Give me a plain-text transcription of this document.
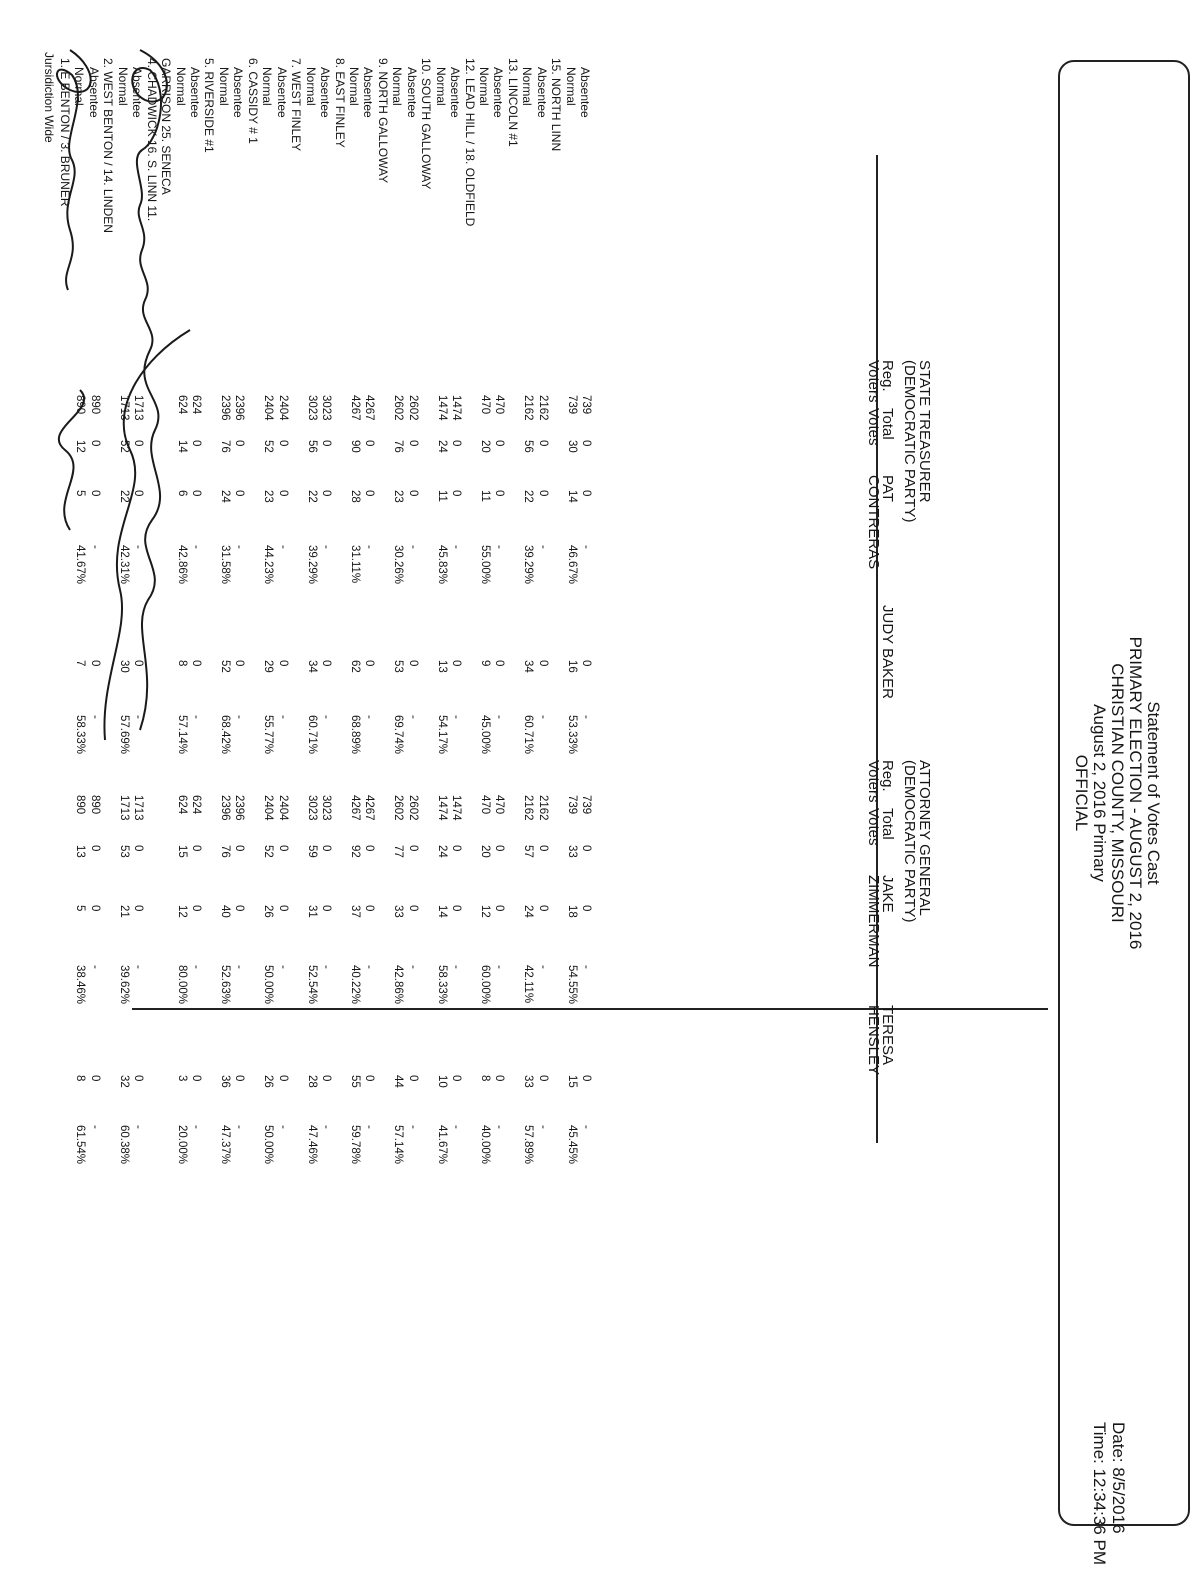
Statement of Votes Cast
PRIMARY ELECTION - AUGUST 2, 2016
CHRISTIAN COUNTY, MISSOURI
August 2, 2016 Primary
OFFICIAL
Date: 8/5/2016
Time: 12:34:36 PM
Jursidiction Wide 1. E BENTON / 3. BRUNER Normal Absentee 2. WEST BENTON / 14. LINDEN Normal Absentee 4. CHADWICK 16. S. LINN 11. GARRISON 25. SENECA Normal Absentee 5. RIVERSIDE #1 Normal Absentee 6. CASSIDY # 1 Normal Absentee 7. WEST FINLEY Normal Absentee 8. EAST FINLEY Normal Absentee 9. NORTH GALLOWAY Normal Absentee 10. SOUTH GALLOWAY Normal Absentee 12. LEAD HILL / 18. OLDFIELD Normal Absentee 13. LINCOLN #1 Normal Absentee 15. NORTH LINN Normal Absentee
STATE TREASURER
(DEMOCRATIC PARTY)
Reg.
Voters
Total
Votes
PAT
CONTRERAS
JUDY BAKER
890
12
5
41.67%
7
58.33%
890
0
0
-
0
-
1713
52
22
42.31%
30
57.69%
1713
0
0
-
0
-
624
14
6
42.86%
8
57.14%
624
0
0
-
0
-
2396
76
24
31.58%
52
68.42%
2396
0
0
-
0
-
2404
52
23
44.23%
29
55.77%
2404
0
0
-
0
-
3023
56
22
39.29%
34
60.71%
3023
0
0
-
0
-
4267
90
28
31.11%
62
68.89%
4267
0
0
-
0
-
2602
76
23
30.26%
53
69.74%
2602
0
0
-
0
-
1474
24
11
45.83%
13
54.17%
1474
0
0
-
0
-
470
20
11
55.00%
9
45.00%
470
0
0
-
0
-
2162
56
22
39.29%
34
60.71%
2162
0
0
-
0
-
739
30
14
46.67%
16
53.33%
739
0
0
-
0
-
ATTORNEY GENERAL
(DEMOCRATIC PARTY)
Reg.
Voters
Total
Votes
JAKE
ZIMMERMAN
TERESA
HENSLEY
890
13
5
38.46%
8
61.54%
890
0
0
-
0
-
1713
53
21
39.62%
32
60.38%
1713
0
0
-
0
-
624
15
12
80.00%
3
20.00%
624
0
0
-
0
-
2396
76
40
52.63%
36
47.37%
2396
0
0
-
0
-
2404
52
26
50.00%
26
50.00%
2404
0
0
-
0
-
3023
59
31
52.54%
28
47.46%
3023
0
0
-
0
-
4267
92
37
40.22%
55
59.78%
4267
0
0
-
0
-
2602
77
33
42.86%
44
57.14%
2602
0
0
-
0
-
1474
24
14
58.33%
10
41.67%
1474
0
0
-
0
-
470
20
12
60.00%
8
40.00%
470
0
0
-
0
-
2162
57
24
42.11%
33
57.89%
2162
0
0
-
0
-
739
33
18
54.55%
15
45.45%
739
0
0
-
0
-
